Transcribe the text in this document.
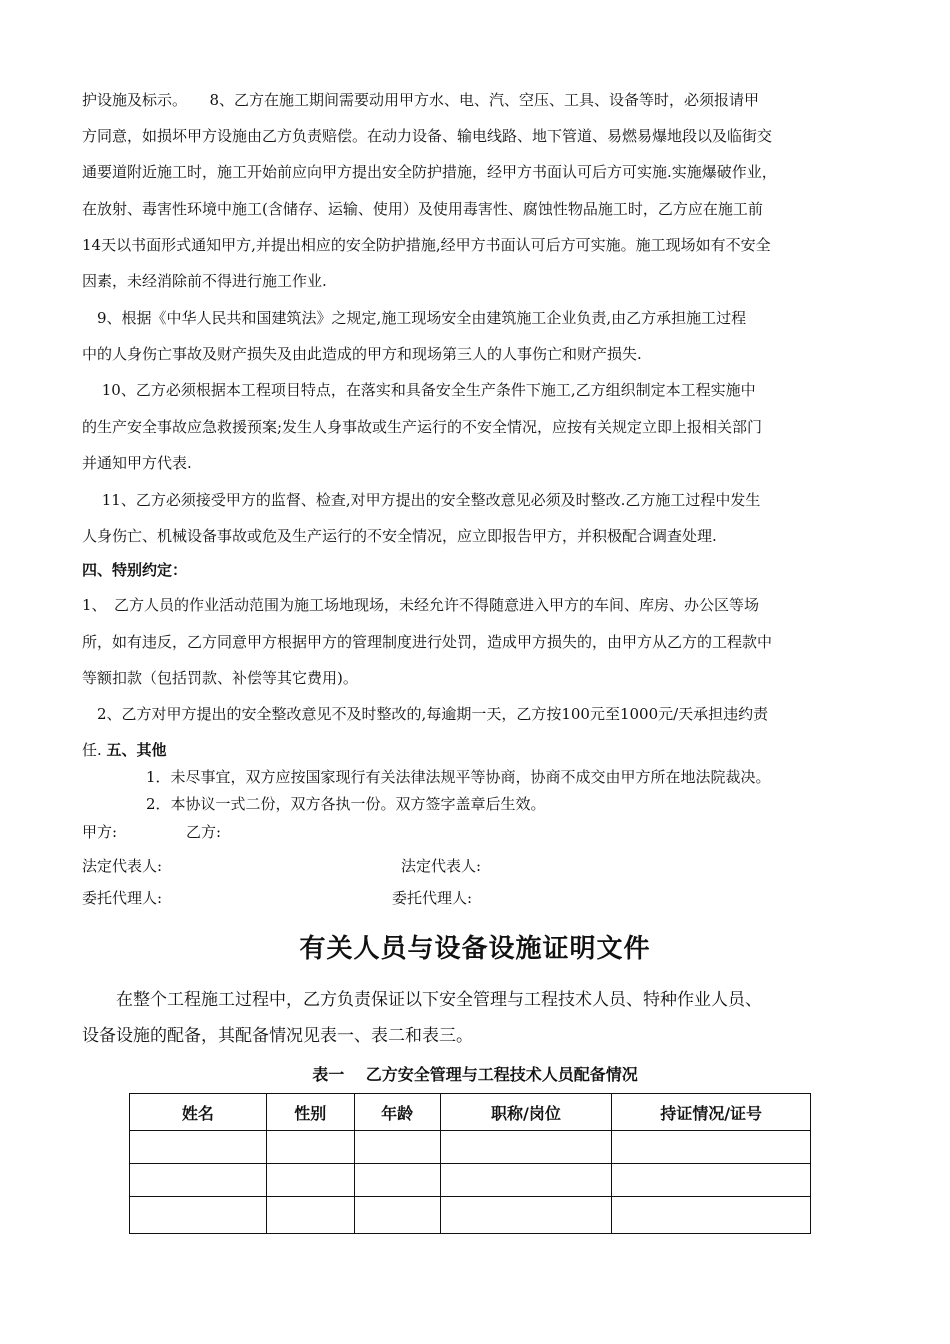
护设施及标示。　　8、乙方在施工期间需要动用甲方水、电、汽、空压、工具、设备等时，必须报请甲
方同意，如损坏甲方设施由乙方负责赔偿。在动力设备、输电线路、地下管道、易燃易爆地段以及临街交
通要道附近施工时，施工开始前应向甲方提出安全防护措施，经甲方书面认可后方可实施.实施爆破作业，
在放射、毒害性环境中施工(含储存、运输、使用）及使用毒害性、腐蚀性物品施工时，乙方应在施工前
14天以书面形式通知甲方,并提出相应的安全防护措施,经甲方书面认可后方可实施。施工现场如有不安全
因素，未经消除前不得进行施工作业.
　9、根据《中华人民共和国建筑法》之规定,施工现场安全由建筑施工企业负责,由乙方承担施工过程
中的人身伤亡事故及财产损失及由此造成的甲方和现场第三人的人事伤亡和财产损失.
　 10、乙方必须根据本工程项目特点，在落实和具备安全生产条件下施工,乙方组织制定本工程实施中
的生产安全事故应急救援预案;发生人身事故或生产运行的不安全情况，应按有关规定立即上报相关部门
并通知甲方代表.
　 11、乙方必须接受甲方的监督、检查,对甲方提出的安全整改意见必须及时整改.乙方施工过程中发生
人身伤亡、机械设备事故或危及生产运行的不安全情况，应立即报告甲方，并积极配合调查处理.
四、特别约定：
1、　乙方人员的作业活动范围为施工场地现场，未经允许不得随意进入甲方的车间、库房、办公区等场
所，如有违反，乙方同意甲方根据甲方的管理制度进行处罚，造成甲方损失的，由甲方从乙方的工程款中
等额扣款（包括罚款、补偿等其它费用)。
　2、乙方对甲方提出的安全整改意见不及时整改的,每逾期一天，乙方按100元至1000元/天承担违约责
任. 五、其他
1．未尽事宜，双方应按国家现行有关法律法规平等协商，协商不成交由甲方所在地法院裁决。
2．本协议一式二份，双方各执一份。双方签字盖章后生效。
甲方:	乙方:
法定代表人:	法定代表人:
委托代理人:	委托代理人:
有关人员与设备设施证明文件
　　在整个工程施工过程中，乙方负责保证以下安全管理与工程技术人员、特种作业人员、
设备设施的配备，其配备情况见表一、表二和表三。
表一　 乙方安全管理与工程技术人员配备情况
姓名	性别	年龄	职称/岗位	持证情况/证号
